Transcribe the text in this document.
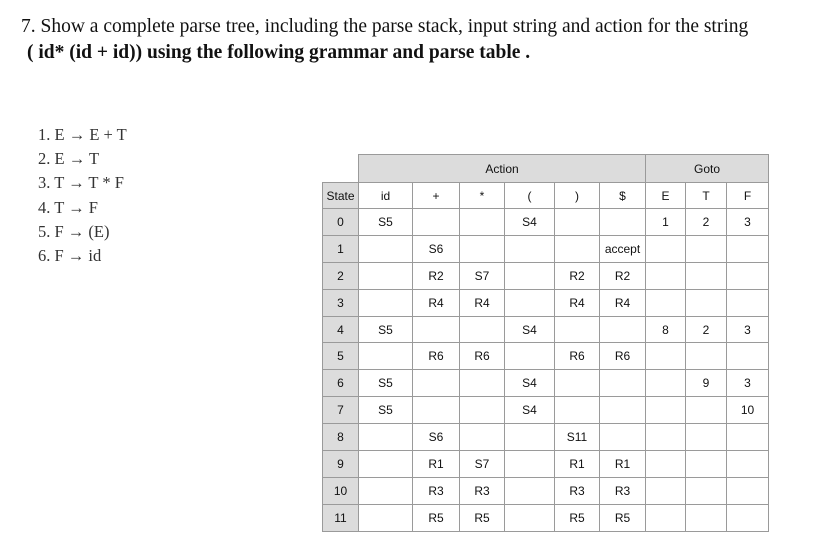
7. Show a complete parse tree, including the parse stack, input string and action for the string
( id* (id + id)) using the following grammar and parse table .
1. E → E + T
2. E → T
3. T → T * F
4. T → F
5. F → (E)
6. F → id
	Action						Goto		
State	id	+	*	(	)	$	E	T	F
0	S5			S4			1	2	3
1		S6				accept			
2		R2	S7		R2	R2			
3		R4	R4		R4	R4			
4	S5			S4			8	2	3
5		R6	R6		R6	R6			
6	S5			S4				9	3
7	S5			S4					10
8		S6			S11				
9		R1	S7		R1	R1			
10		R3	R3		R3	R3			
11		R5	R5		R5	R5			
